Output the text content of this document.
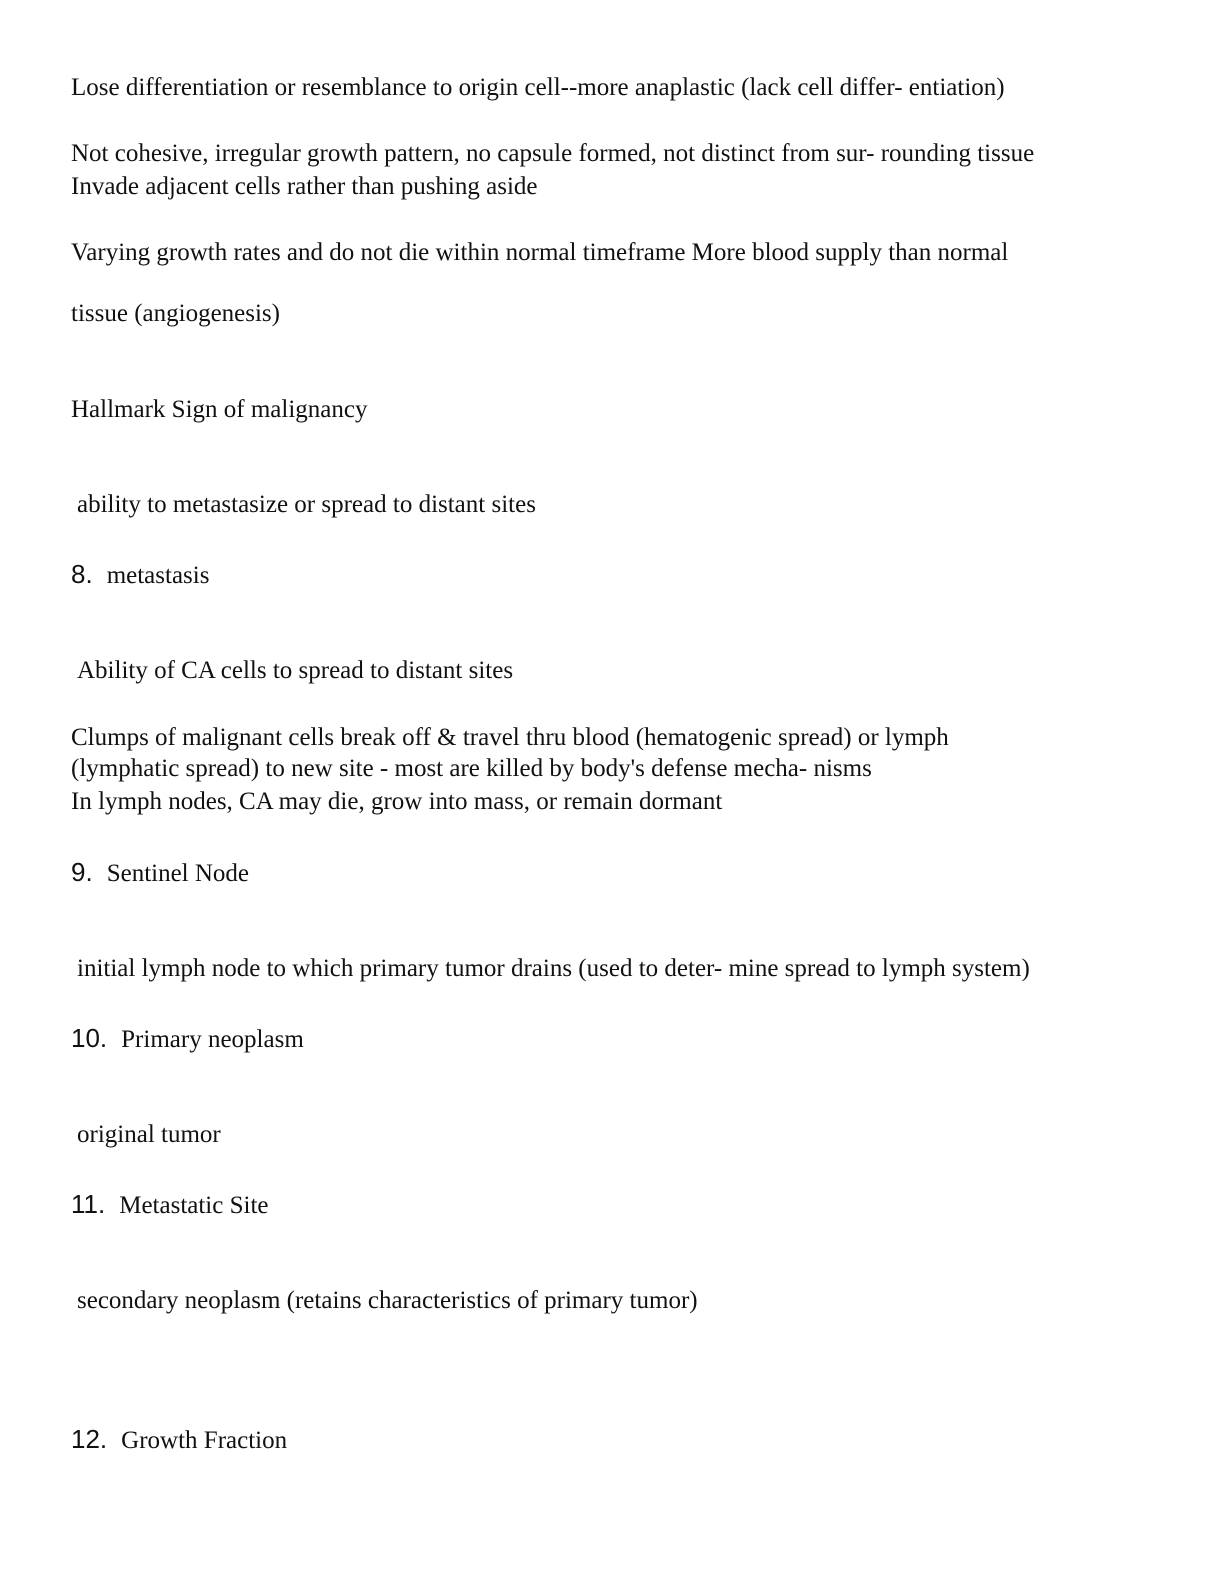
Lose differentiation or resemblance to origin cell--more anaplastic (lack cell differ- entiation)
Not cohesive, irregular growth pattern, no capsule formed, not distinct from sur- rounding tissue
Invade adjacent cells rather than pushing aside
Varying growth rates and do not die within normal timeframe More blood supply than normal
tissue (angiogenesis)
Hallmark Sign of malignancy
ability to metastasize or spread to distant sites
8. metastasis
Ability of CA cells to spread to distant sites
Clumps of malignant cells break off & travel thru blood (hematogenic spread) or lymph
(lymphatic spread) to new site - most are killed by body's defense mecha- nisms
In lymph nodes, CA may die, grow into mass, or remain dormant
9. Sentinel Node
initial lymph node to which primary tumor drains (used to deter- mine spread to lymph system)
10. Primary neoplasm
original tumor
11. Metastatic Site
secondary neoplasm (retains characteristics of primary tumor)
12. Growth Fraction
